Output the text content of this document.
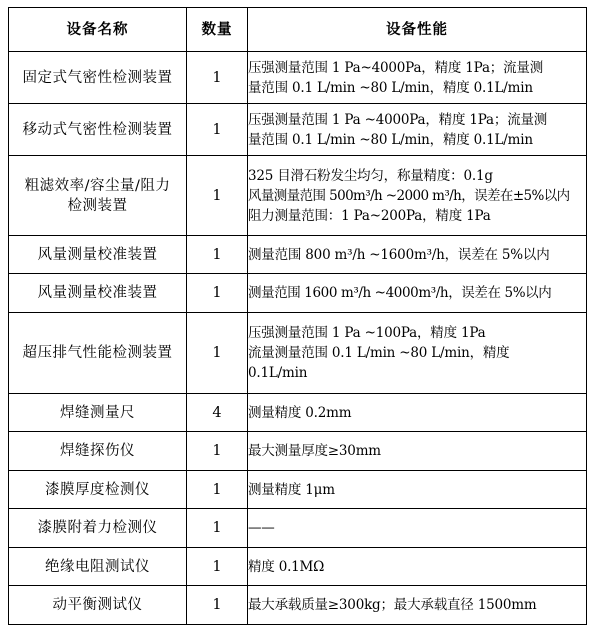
设备名称	数量	设备性能
固定式气密性检测装置	1	压强测量范围 1 Pa~4000Pa，精度 1Pa；流量测
量范围 0.1 L/min ~80 L/min，精度 0.1L/min

移动式气密性检测装置	1	压强测量范围 1 Pa ~4000Pa，精度 1Pa；流量测
量范围 0.1 L/min ~80 L/min，精度 0.1L/min

粗滤效率/容尘量/阻力
检测装置	1	325 目滑石粉发尘均匀，称量精度：0.1g
风量测量范围 500m³/h ~2000 m³/h，误差在±5%以内
阻力测量范围：1 Pa~200Pa，精度 1Pa

风量测量校准装置	1	测量范围 800 m³/h ~1600m³/h，误差在 5%以内

风量测量校准装置	1	测量范围 1600 m³/h ~4000m³/h，误差在 5%以内

超压排气性能检测装置	1	压强测量范围 1 Pa ~100Pa，精度 1Pa
流量测量范围 0.1 L/min ~80 L/min，精度
0.1L/min

焊缝测量尺	4	测量精度 0.2mm

焊缝探伤仪	1	最大测量厚度≥30mm

漆膜厚度检测仪	1	测量精度 1μm

漆膜附着力检测仪	1	——

绝缘电阻测试仪	1	精度 0.1MΩ

动平衡测试仪	1	最大承载质量≥300kg；最大承载直径 1500mm
